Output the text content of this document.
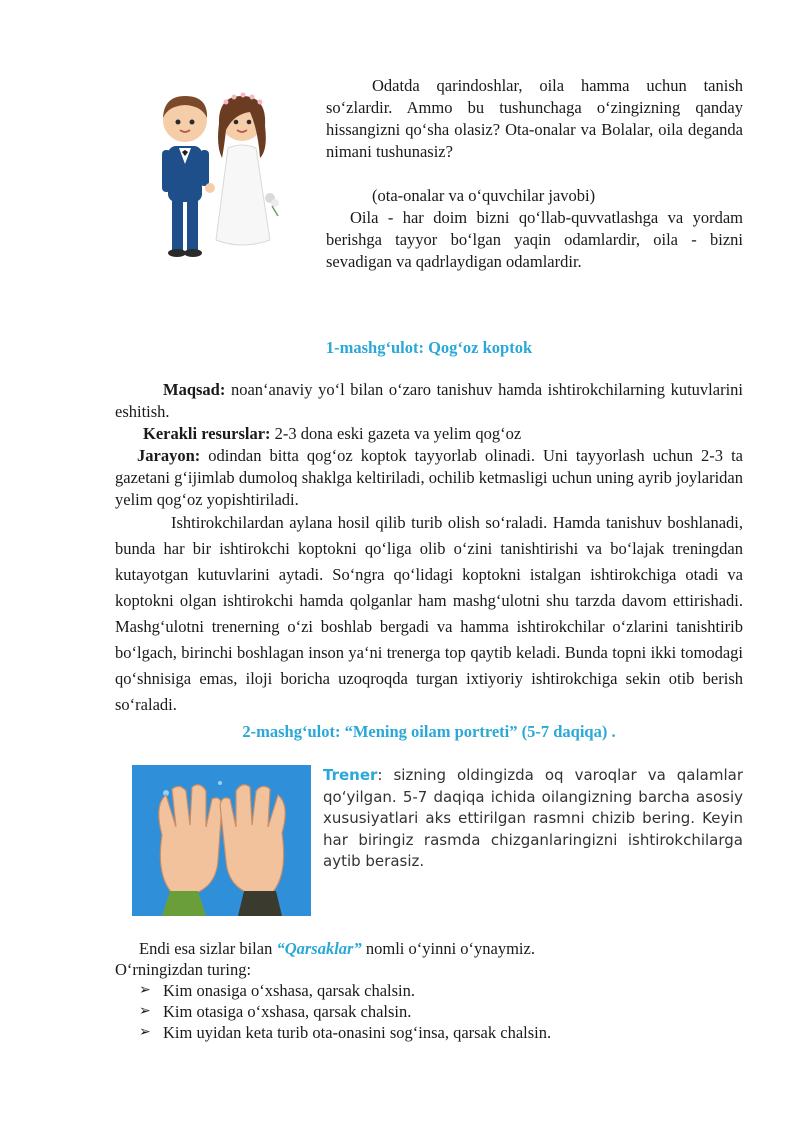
Odatda qarindoshlar, oila hamma uchun tanish so‘zlardir. Ammo bu tushunchaga o‘zingizning qanday hissangizni qo‘sha olasiz? Ota-onalar va Bolalar, oila deganda nimani tushunasiz?

(ota-onalar va o‘quvchilar javobi)

Oila - har doim bizni qo‘llab-quvvatlashga va yordam berishga tayyor bo‘lgan yaqin odamlardir, oila - bizni sevadigan va qadrlaydigan odamlardir.

1-mashg‘ulot: Qog‘oz koptok

Maqsad: noan‘anaviy yo‘l bilan o‘zaro tanishuv hamda ishtirokchilarning kutuvlarini eshitish.

Kerakli resurslar: 2-3 dona eski gazeta va yelim qog‘oz

Jarayon: odindan bitta qog‘oz koptok tayyorlab olinadi. Uni tayyorlash uchun 2-3 ta gazetani g‘ijimlab dumoloq shaklga keltiriladi, ochilib ketmasligi uchun uning ayrib joylaridan yelim qog‘oz yopishtiriladi.

Ishtirokchilardan aylana hosil qilib turib olish so‘raladi. Hamda tanishuv boshlanadi, bunda har bir ishtirokchi koptokni qo‘liga olib o‘zini tanishtirishi va bo‘lajak treningdan kutayotgan kutuvlarini aytadi. So‘ngra qo‘lidagi koptokni istalgan ishtirokchiga otadi va koptokni olgan ishtirokchi hamda qolganlar ham mashg‘ulotni shu tarzda davom ettirishadi. Mashg‘ulotni trenerning o‘zi boshlab bergadi va hamma ishtirokchilar o‘zlarini tanishtirib bo‘lgach, birinchi boshlagan inson ya‘ni trenerga top qaytib keladi. Bunda topni ikki tomodagi qo‘shnisiga emas, iloji boricha uzoqroqda turgan ixtiyoriy ishtirokchiga sekin otib berish so‘raladi.

2-mashg‘ulot: “Mening oilam portreti” (5-7 daqiqa) .

Trener: sizning oldingizda oq varoqlar va qalamlar qo‘yilgan. 5-7 daqiqa ichida oilangizning barcha asosiy xususiyatlari aks ettirilgan rasmni chizib bering. Keyin har biringiz rasmda chizganlaringizni ishtirokchilarga aytib berasiz.

Endi esa sizlar bilan “Qarsaklar” nomli o‘yinni o‘ynaymiz.

O‘rningizdan turing:

➢ Kim onasiga o‘xshasa, qarsak chalsin.
➢ Kim otasiga o‘xshasa, qarsak chalsin.
➢ Kim uyidan keta turib ota-onasini sog‘insa, qarsak chalsin.
